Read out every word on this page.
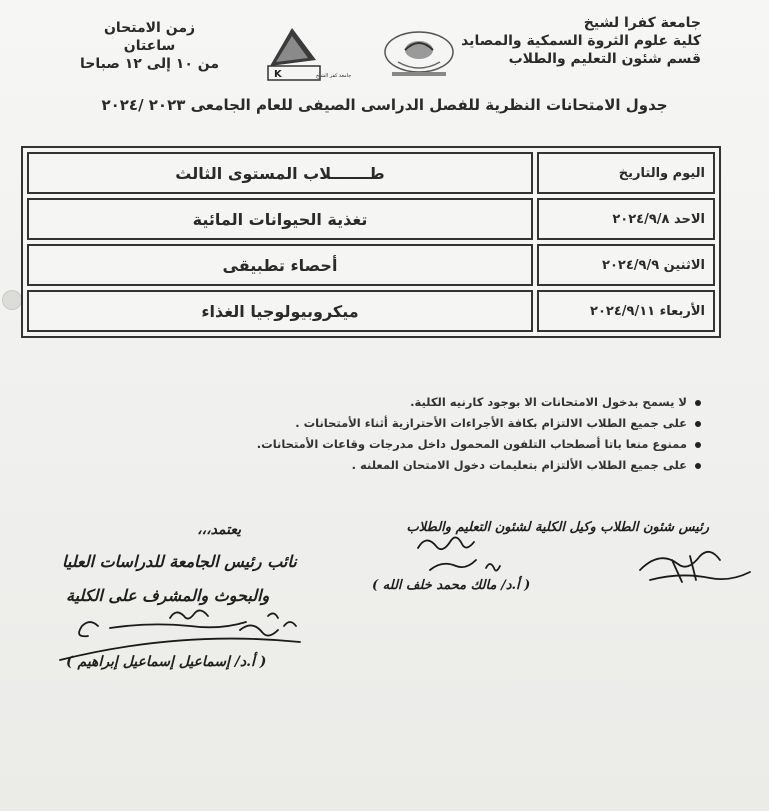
جامعة كفرا لشيخ
كلية علوم الثروة السمكية والمصايد
قسم شئون التعليم والطلاب
زمن الامتحان
ساعتان
من ١٠ إلى ١٢ صباحا
K	جامعة كفر الشيخ
جدول الامتحانات النظرية للفصل الدراسى الصيفى للعام الجامعى ٢٠٢٣ /٢٠٢٤
اليوم والتاريخ
طـــــــلاب المستوى الثالث
الاحد ٢٠٢٤/٩/٨
تغذية الحيوانات المائية
الاثنين ٢٠٢٤/٩/٩
أحصاء تطبيقى
الأربعاء ٢٠٢٤/٩/١١
ميكروبيولوجيا الغذاء
لا يسمح بدخول الامتحانات الا بوجود كارنيه الكلية.
على جميع الطلاب الالتزام بكافة الأجراءات الأحترازية أثناء الأمتحانات .
ممنوع منعا باتا أصطحاب التلفون المحمول داخل مدرجات وقاعات الأمتحانات.
على جميع الطلاب الألتزام بتعليمات دخول الامتحان المعلنه .
رئيس شئون الطلاب وكيل الكلية لشئون التعليم والطلاب
( أ.د/ مالك محمد خلف الله )
يعتمد،،،
نائب رئيس الجامعة للدراسات العليا
والبحوث والمشرف على الكلية
( أ.د/ إسماعيل إسماعيل إبراهيم )
